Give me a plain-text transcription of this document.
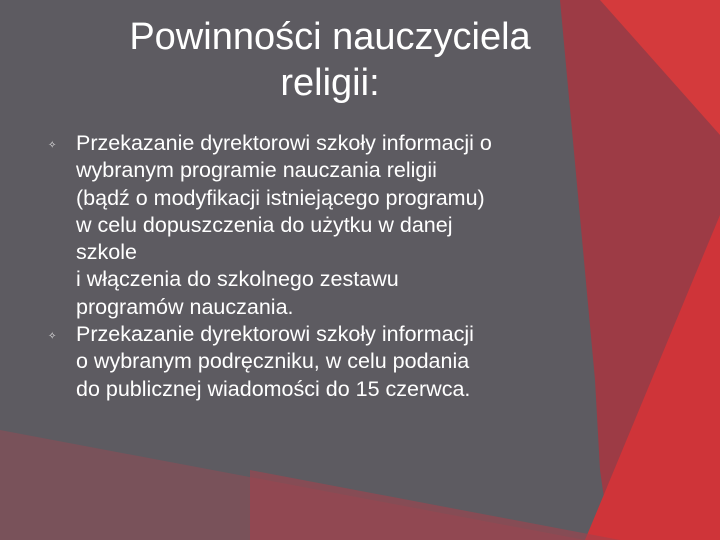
Powinności nauczyciela
religii:
✧ Przekazanie dyrektorowi szkoły informacji o
wybranym programie nauczania religii
(bądź o modyfikacji istniejącego programu)
w celu dopuszczenia do użytku w danej
szkole
i włączenia do szkolnego zestawu
programów nauczania.
✧ Przekazanie dyrektorowi szkoły informacji
o wybranym podręczniku, w celu podania
do publicznej wiadomości do 15 czerwca.
